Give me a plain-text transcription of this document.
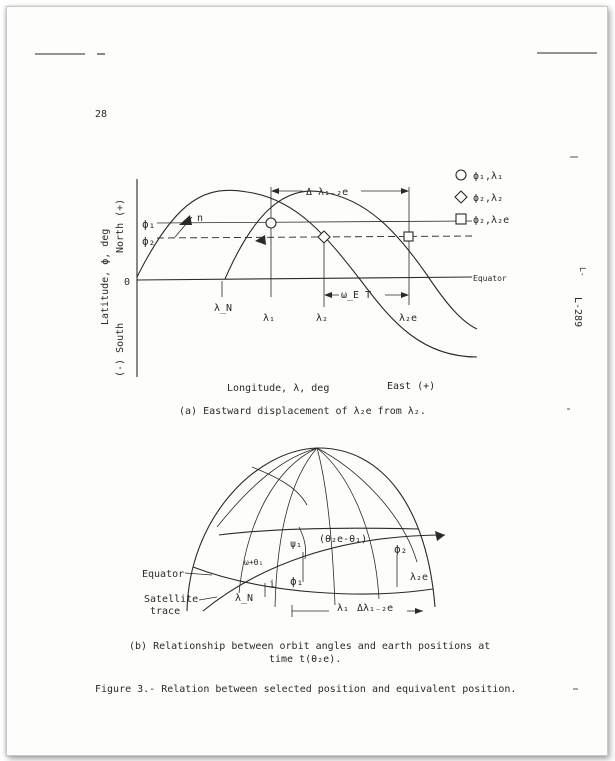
28
L-289
L-
Δ λ₁₋₂e
ω_E T
ϕ₁
ϕ₂
n
0	Equator
Latitude, ϕ, deg
North (+)
(-) South
λ_N
λ₁	λ₂	λ₂e
Longitude, λ, deg	East (+)
ϕ₁,λ₁
ϕ₂,λ₂
ϕ₂,λ₂e
(a) Eastward displacement of λ₂e from λ₂.
Equator
Satellite
trace
ψ₁
ω+θ₁
(θ₂e-θ₁)
ϕ₂
ϕ₁
i
λ_N
λ₂e
λ₁ Δλ₁₋₂e
(b) Relationship between orbit angles and earth positions at
time t(θ₂e).
Figure 3.- Relation between selected position and equivalent position.
